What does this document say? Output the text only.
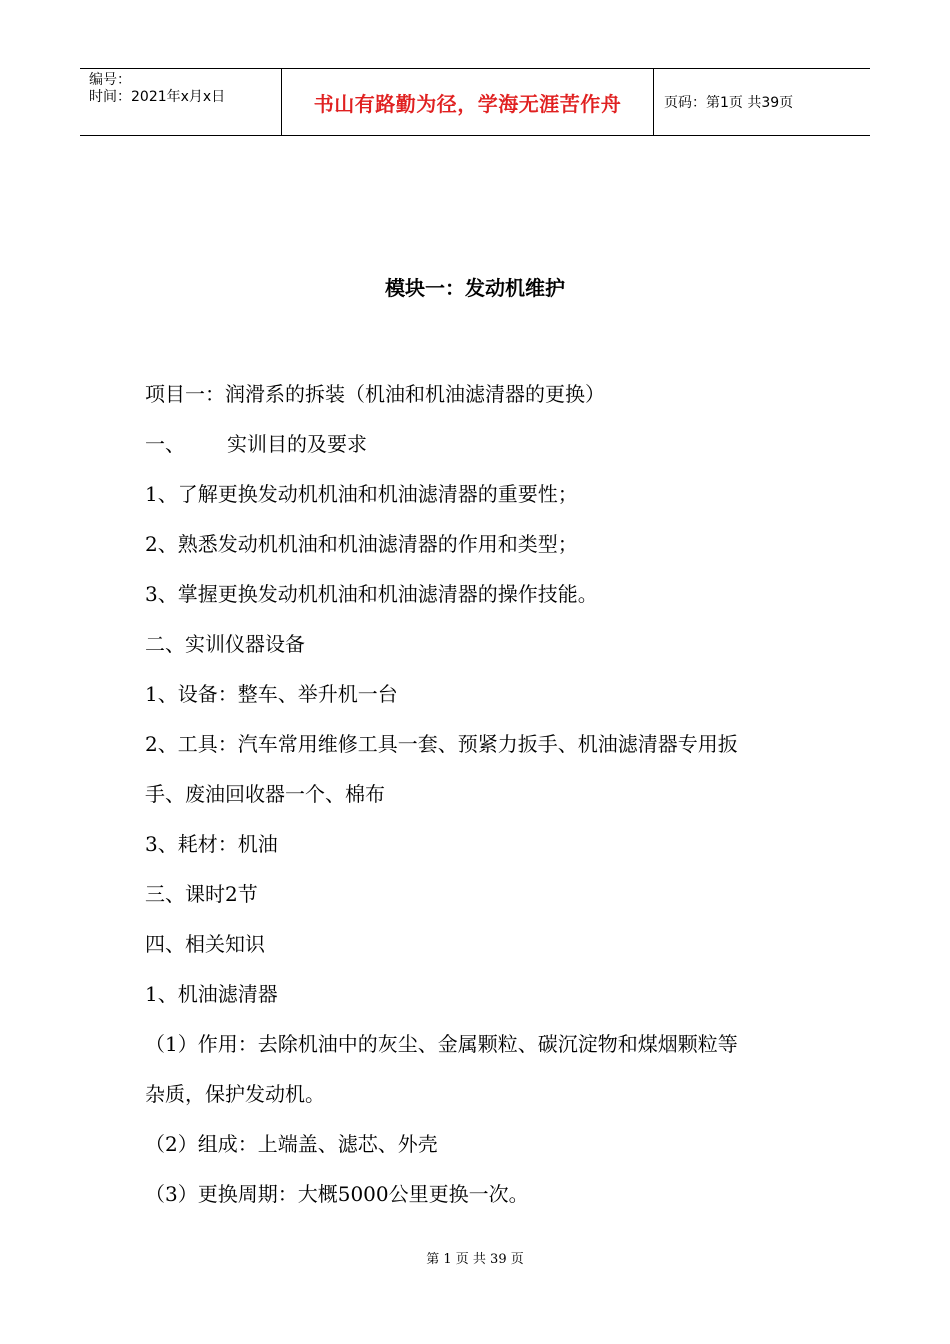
编号：
时间：2021年x月x日	书山有路勤为径，学海无涯苦作舟	页码：第1页 共39页
模块一：发动机维护
项目一：润滑系的拆装（机油和机油滤清器的更换）
一、 实训目的及要求
1、了解更换发动机机油和机油滤清器的重要性；
2、熟悉发动机机油和机油滤清器的作用和类型；
3、掌握更换发动机机油和机油滤清器的操作技能。
二、实训仪器设备
1、设备：整车、举升机一台
2、工具：汽车常用维修工具一套、预紧力扳手、机油滤清器专用扳
手、废油回收器一个、棉布
3、耗材：机油
三、课时2节
四、相关知识
1、机油滤清器
（1）作用：去除机油中的灰尘、金属颗粒、碳沉淀物和煤烟颗粒等
杂质，保护发动机。
（2）组成：上端盖、滤芯、外壳
（3）更换周期：大概5000公里更换一次。
第 1 页 共 39 页
